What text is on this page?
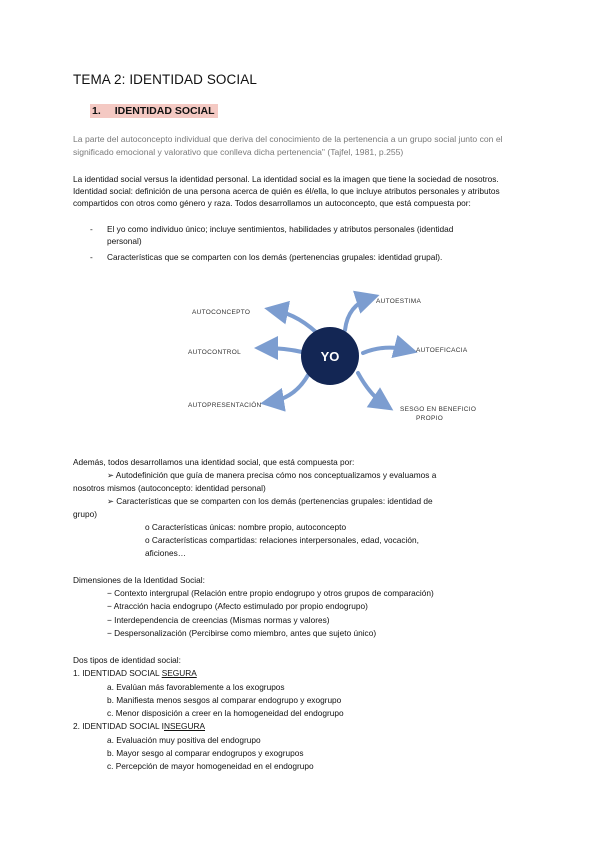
TEMA 2: IDENTIDAD SOCIAL
1. IDENTIDAD SOCIAL
La parte del autoconcepto individual que deriva del conocimiento de la pertenencia a un grupo social junto con el significado emocional y valorativo que conlleva dicha pertenencia" (Tajfel, 1981, p.255)
La identidad social versus la identidad personal. La identidad social es la imagen que tiene la sociedad de nosotros. Identidad social: definición de una persona acerca de quién es él/ella, lo que incluye atributos personales y atributos compartidos con otros como género y raza. Todos desarrollamos un autoconcepto, que está compuesta por:
- El yo como individuo único; incluye sentimientos, habilidades y atributos personales (identidad personal)
- Características que se comparten con los demás (pertenencias grupales: identidad grupal).
YO
AUTOCONCEPTO
AUTOESTIMA
AUTOCONTROL	AUTOEFICACIA
AUTOPRESENTACIÓN
SESGO EN BENEFICIO
PROPIO
Además, todos desarrollamos una identidad social, que está compuesta por:
➢ Autodefinición que guía de manera precisa cómo nos conceptualizamos y evaluamos a
nosotros mismos (autoconcepto: identidad personal)
➢ Características que se comparten con los demás (pertenencias grupales: identidad de
grupo)
o Características únicas: nombre propio, autoconcepto
o Características compartidas: relaciones interpersonales, edad, vocación,
aficiones…
Dimensiones de la Identidad Social:
− Contexto intergrupal (Relación entre propio endogrupo y otros grupos de comparación)
− Atracción hacia endogrupo (Afecto estimulado por propio endogrupo)
− Interdependencia de creencias (Mismas normas y valores)
− Despersonalización (Percibirse como miembro, antes que sujeto único)
Dos tipos de identidad social:
1. IDENTIDAD SOCIAL SEGURA
a. Evalúan más favorablemente a los exogrupos
b. Manifiesta menos sesgos al comparar endogrupo y exogrupo
c. Menor disposición a creer en la homogeneidad del endogrupo
2. IDENTIDAD SOCIAL INSEGURA
a. Evaluación muy positiva del endogrupo
b. Mayor sesgo al comparar endogrupos y exogrupos
c. Percepción de mayor homogeneidad en el endogrupo
